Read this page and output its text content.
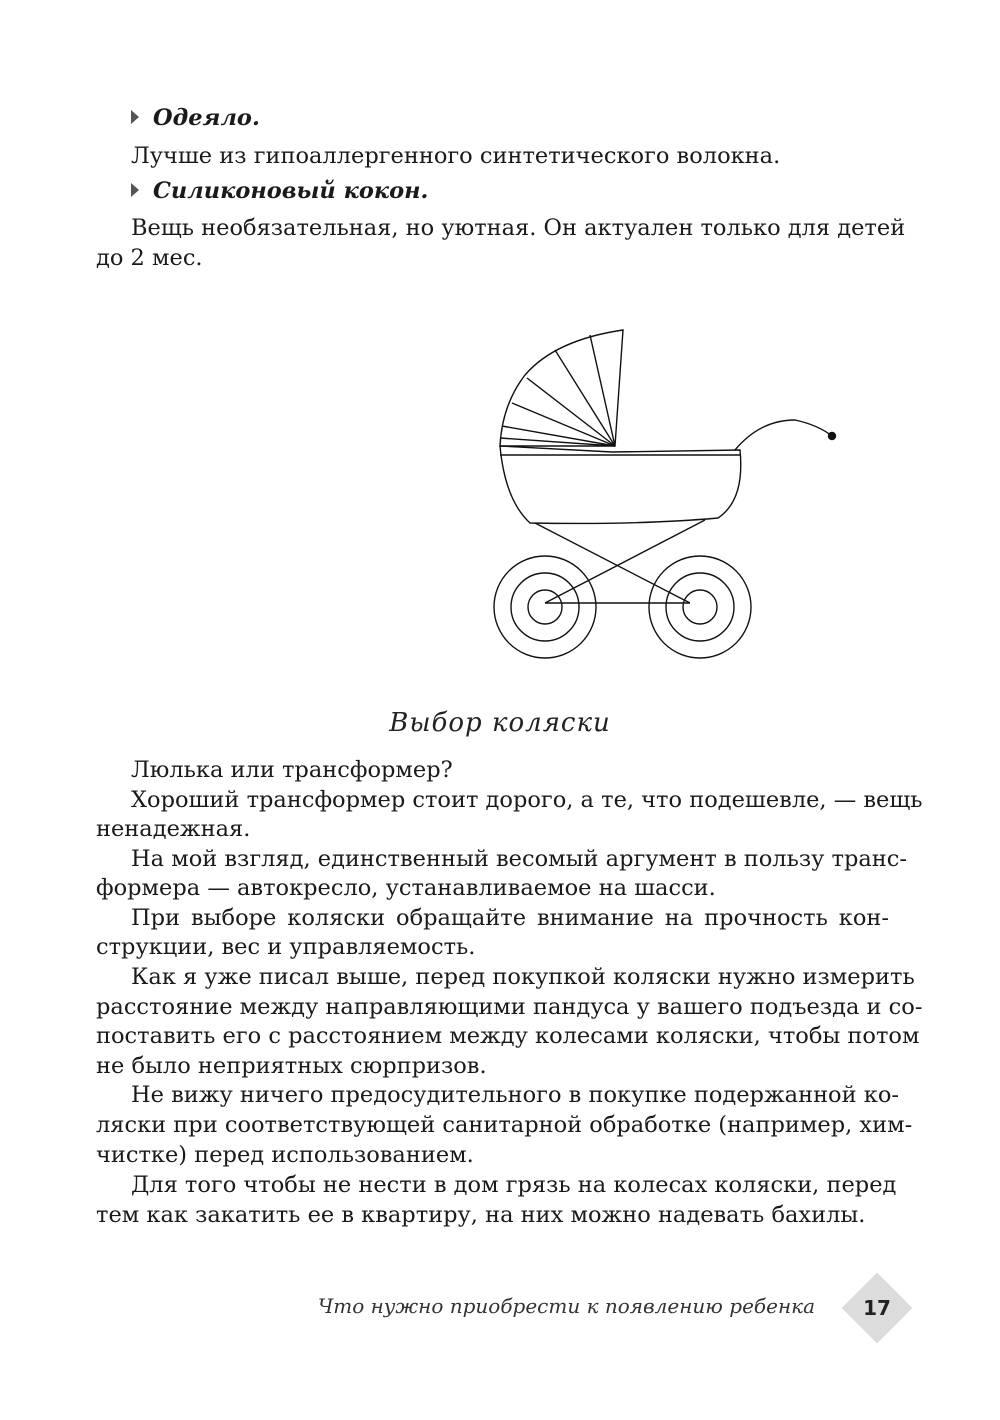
Одеяло.
Лучше из гипоаллергенного синтетического волокна.
Силиконовый кокон.
Вещь необязательная, но уютная. Он актуален только для детей
до 2 мес.
Выбор коляски
Люлька или трансформер?
Хороший трансформер стоит дорого, а те, что подешевле, — вещь
ненадежная.
На мой взгляд, единственный весомый аргумент в пользу транс-
формера — автокресло, устанавливаемое на шасси.
При выборе коляски обращайте внимание на прочность кон-
струкции, вес и управляемость.
Как я уже писал выше, перед покупкой коляски нужно измерить
расстояние между направляющими пандуса у вашего подъезда и со-
поставить его с расстоянием между колесами коляски, чтобы потом
не было неприятных сюрпризов.
Не вижу ничего предосудительного в покупке подержанной ко-
ляски при соответствующей санитарной обработке (например, хим-
чистке) перед использованием.
Для того чтобы не нести в дом грязь на колесах коляски, перед
тем как закатить ее в квартиру, на них можно надевать бахилы.
Что нужно приобрести к появлению ребенка	17
